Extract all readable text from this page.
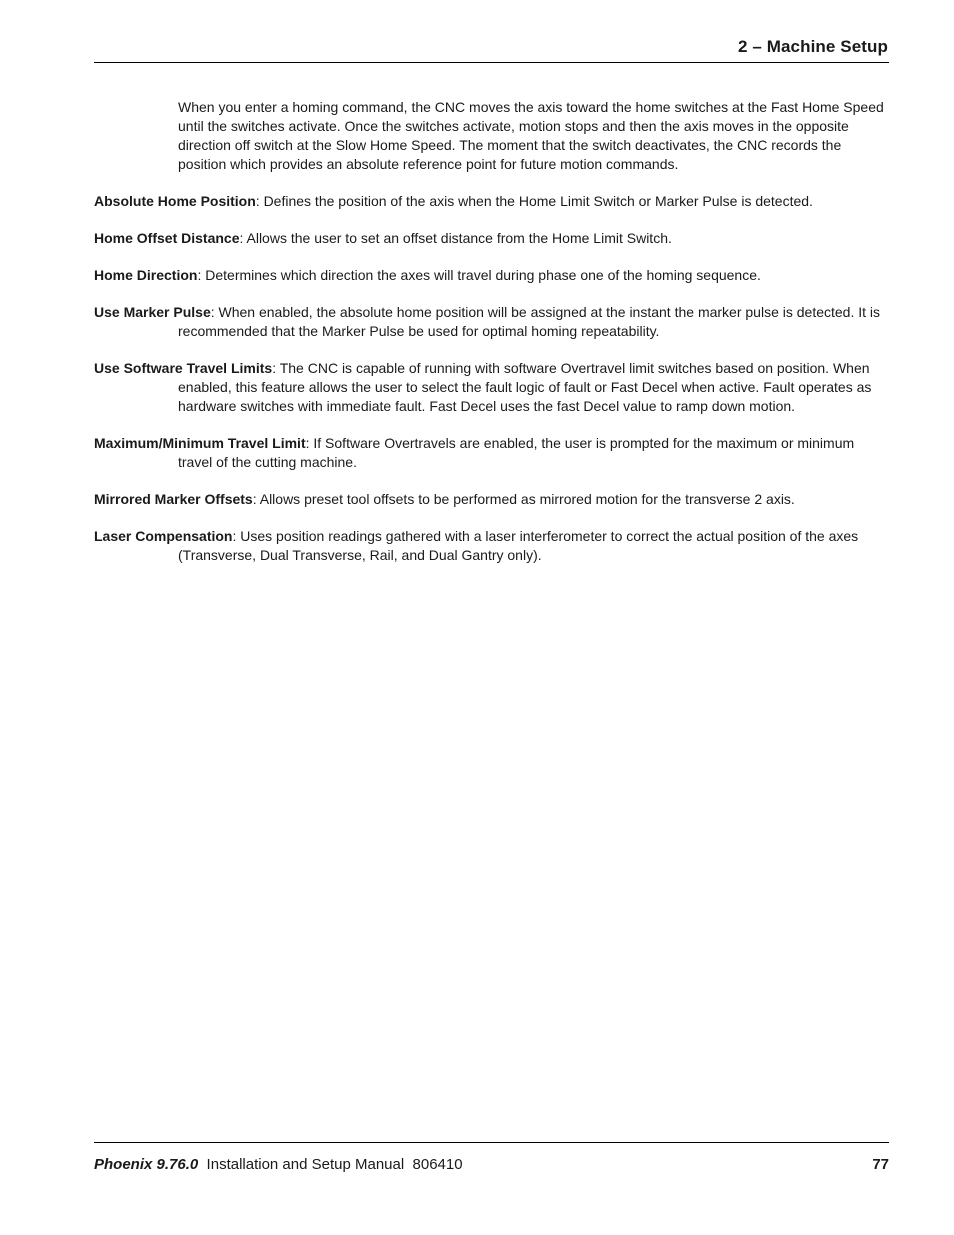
2 – Machine Setup

When you enter a homing command, the CNC moves the axis toward the home switches at the Fast Home Speed until the switches activate. Once the switches activate, motion stops and then the axis moves in the opposite direction off switch at the Slow Home Speed. The moment that the switch deactivates, the CNC records the position which provides an absolute reference point for future motion commands.

Absolute Home Position: Defines the position of the axis when the Home Limit Switch or Marker Pulse is detected.

Home Offset Distance: Allows the user to set an offset distance from the Home Limit Switch.

Home Direction: Determines which direction the axes will travel during phase one of the homing sequence.

Use Marker Pulse: When enabled, the absolute home position will be assigned at the instant the marker pulse is detected. It is recommended that the Marker Pulse be used for optimal homing repeatability.

Use Software Travel Limits: The CNC is capable of running with software Overtravel limit switches based on position. When enabled, this feature allows the user to select the fault logic of fault or Fast Decel when active. Fault operates as hardware switches with immediate fault. Fast Decel uses the fast Decel value to ramp down motion.

Maximum/Minimum Travel Limit: If Software Overtravels are enabled, the user is prompted for the maximum or minimum travel of the cutting machine.

Mirrored Marker Offsets: Allows preset tool offsets to be performed as mirrored motion for the transverse 2 axis.

Laser Compensation: Uses position readings gathered with a laser interferometer to correct the actual position of the axes (Transverse, Dual Transverse, Rail, and Dual Gantry only).

Phoenix 9.76.0  Installation and Setup Manual  806410	77
